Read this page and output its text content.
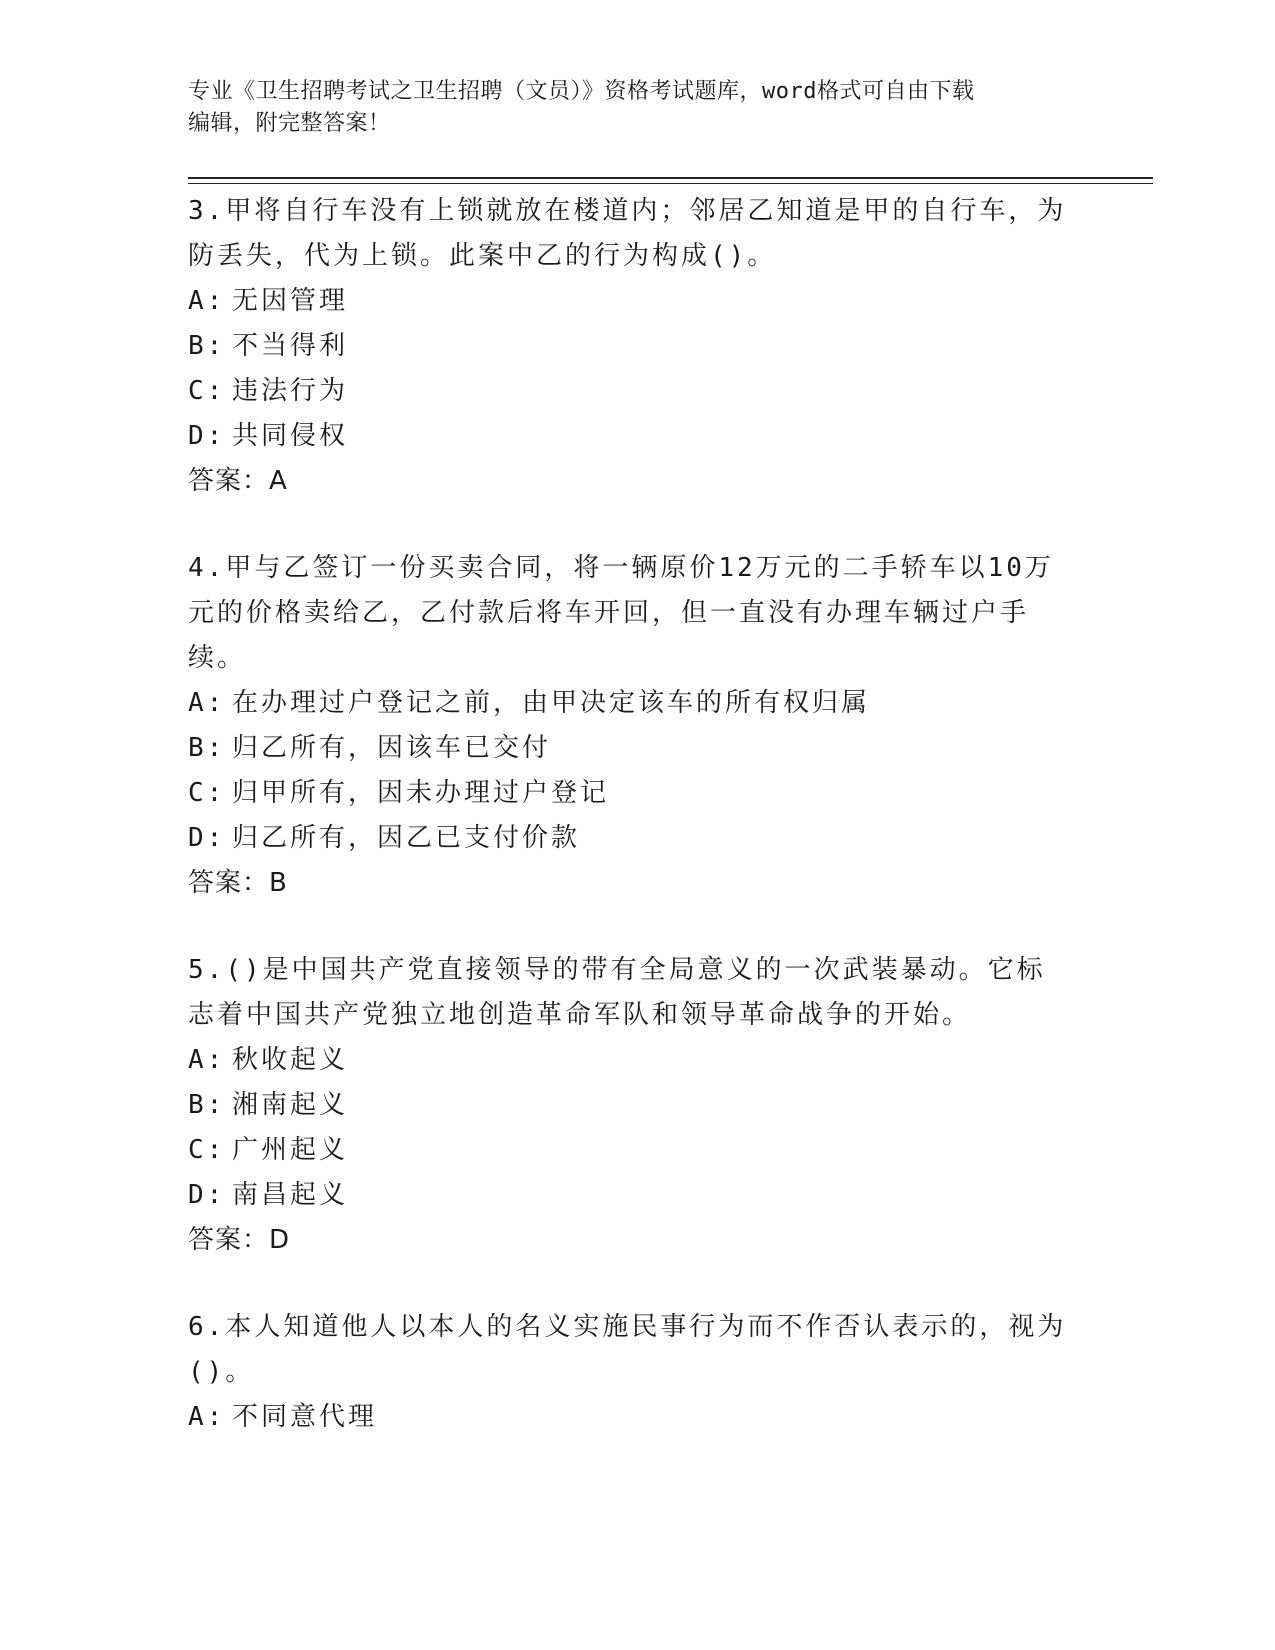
专业《卫生招聘考试之卫生招聘（文员）》资格考试题库，word格式可自由下载
编辑，附完整答案！
3.甲将自行车没有上锁就放在楼道内；邻居乙知道是甲的自行车，为防丢失，代为上锁。此案中乙的行为构成()。
A: 无因管理
B: 不当得利
C: 违法行为
D: 共同侵权
答案：A
4.甲与乙签订一份买卖合同，将一辆原价12万元的二手轿车以10万元的价格卖给乙，乙付款后将车开回，但一直没有办理车辆过户手续。
A: 在办理过户登记之前，由甲决定该车的所有权归属
B: 归乙所有，因该车已交付
C: 归甲所有，因未办理过户登记
D: 归乙所有，因乙已支付价款
答案：B
5.()是中国共产党直接领导的带有全局意义的一次武装暴动。它标志着中国共产党独立地创造革命军队和领导革命战争的开始。
A: 秋收起义
B: 湘南起义
C: 广州起义
D: 南昌起义
答案：D
6.本人知道他人以本人的名义实施民事行为而不作否认表示的，视为()。
A: 不同意代理
